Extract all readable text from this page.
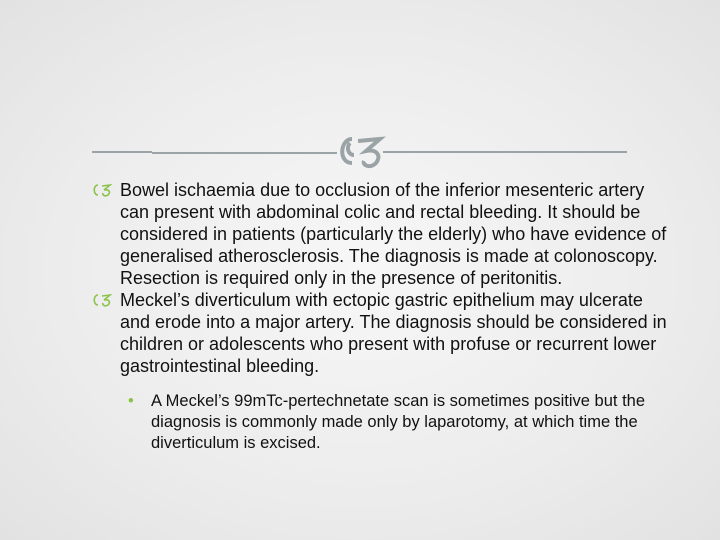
Bowel ischaemia due to occlusion of the inferior mesenteric artery can present with abdominal colic and rectal bleeding. It should be considered in patients (particularly the elderly) who have evidence of generalised atherosclerosis. The diagnosis is made at colonoscopy. Resection is required only in the presence of peritonitis.
Meckel’s diverticulum with ectopic gastric epithelium may ulcerate and erode into a major artery. The diagnosis should be considered in children or adolescents who present with profuse or recurrent lower gastrointestinal bleeding.
• A Meckel’s 99mTc-pertechnetate scan is sometimes positive but the diagnosis is commonly made only by laparotomy, at which time the diverticulum is excised.
